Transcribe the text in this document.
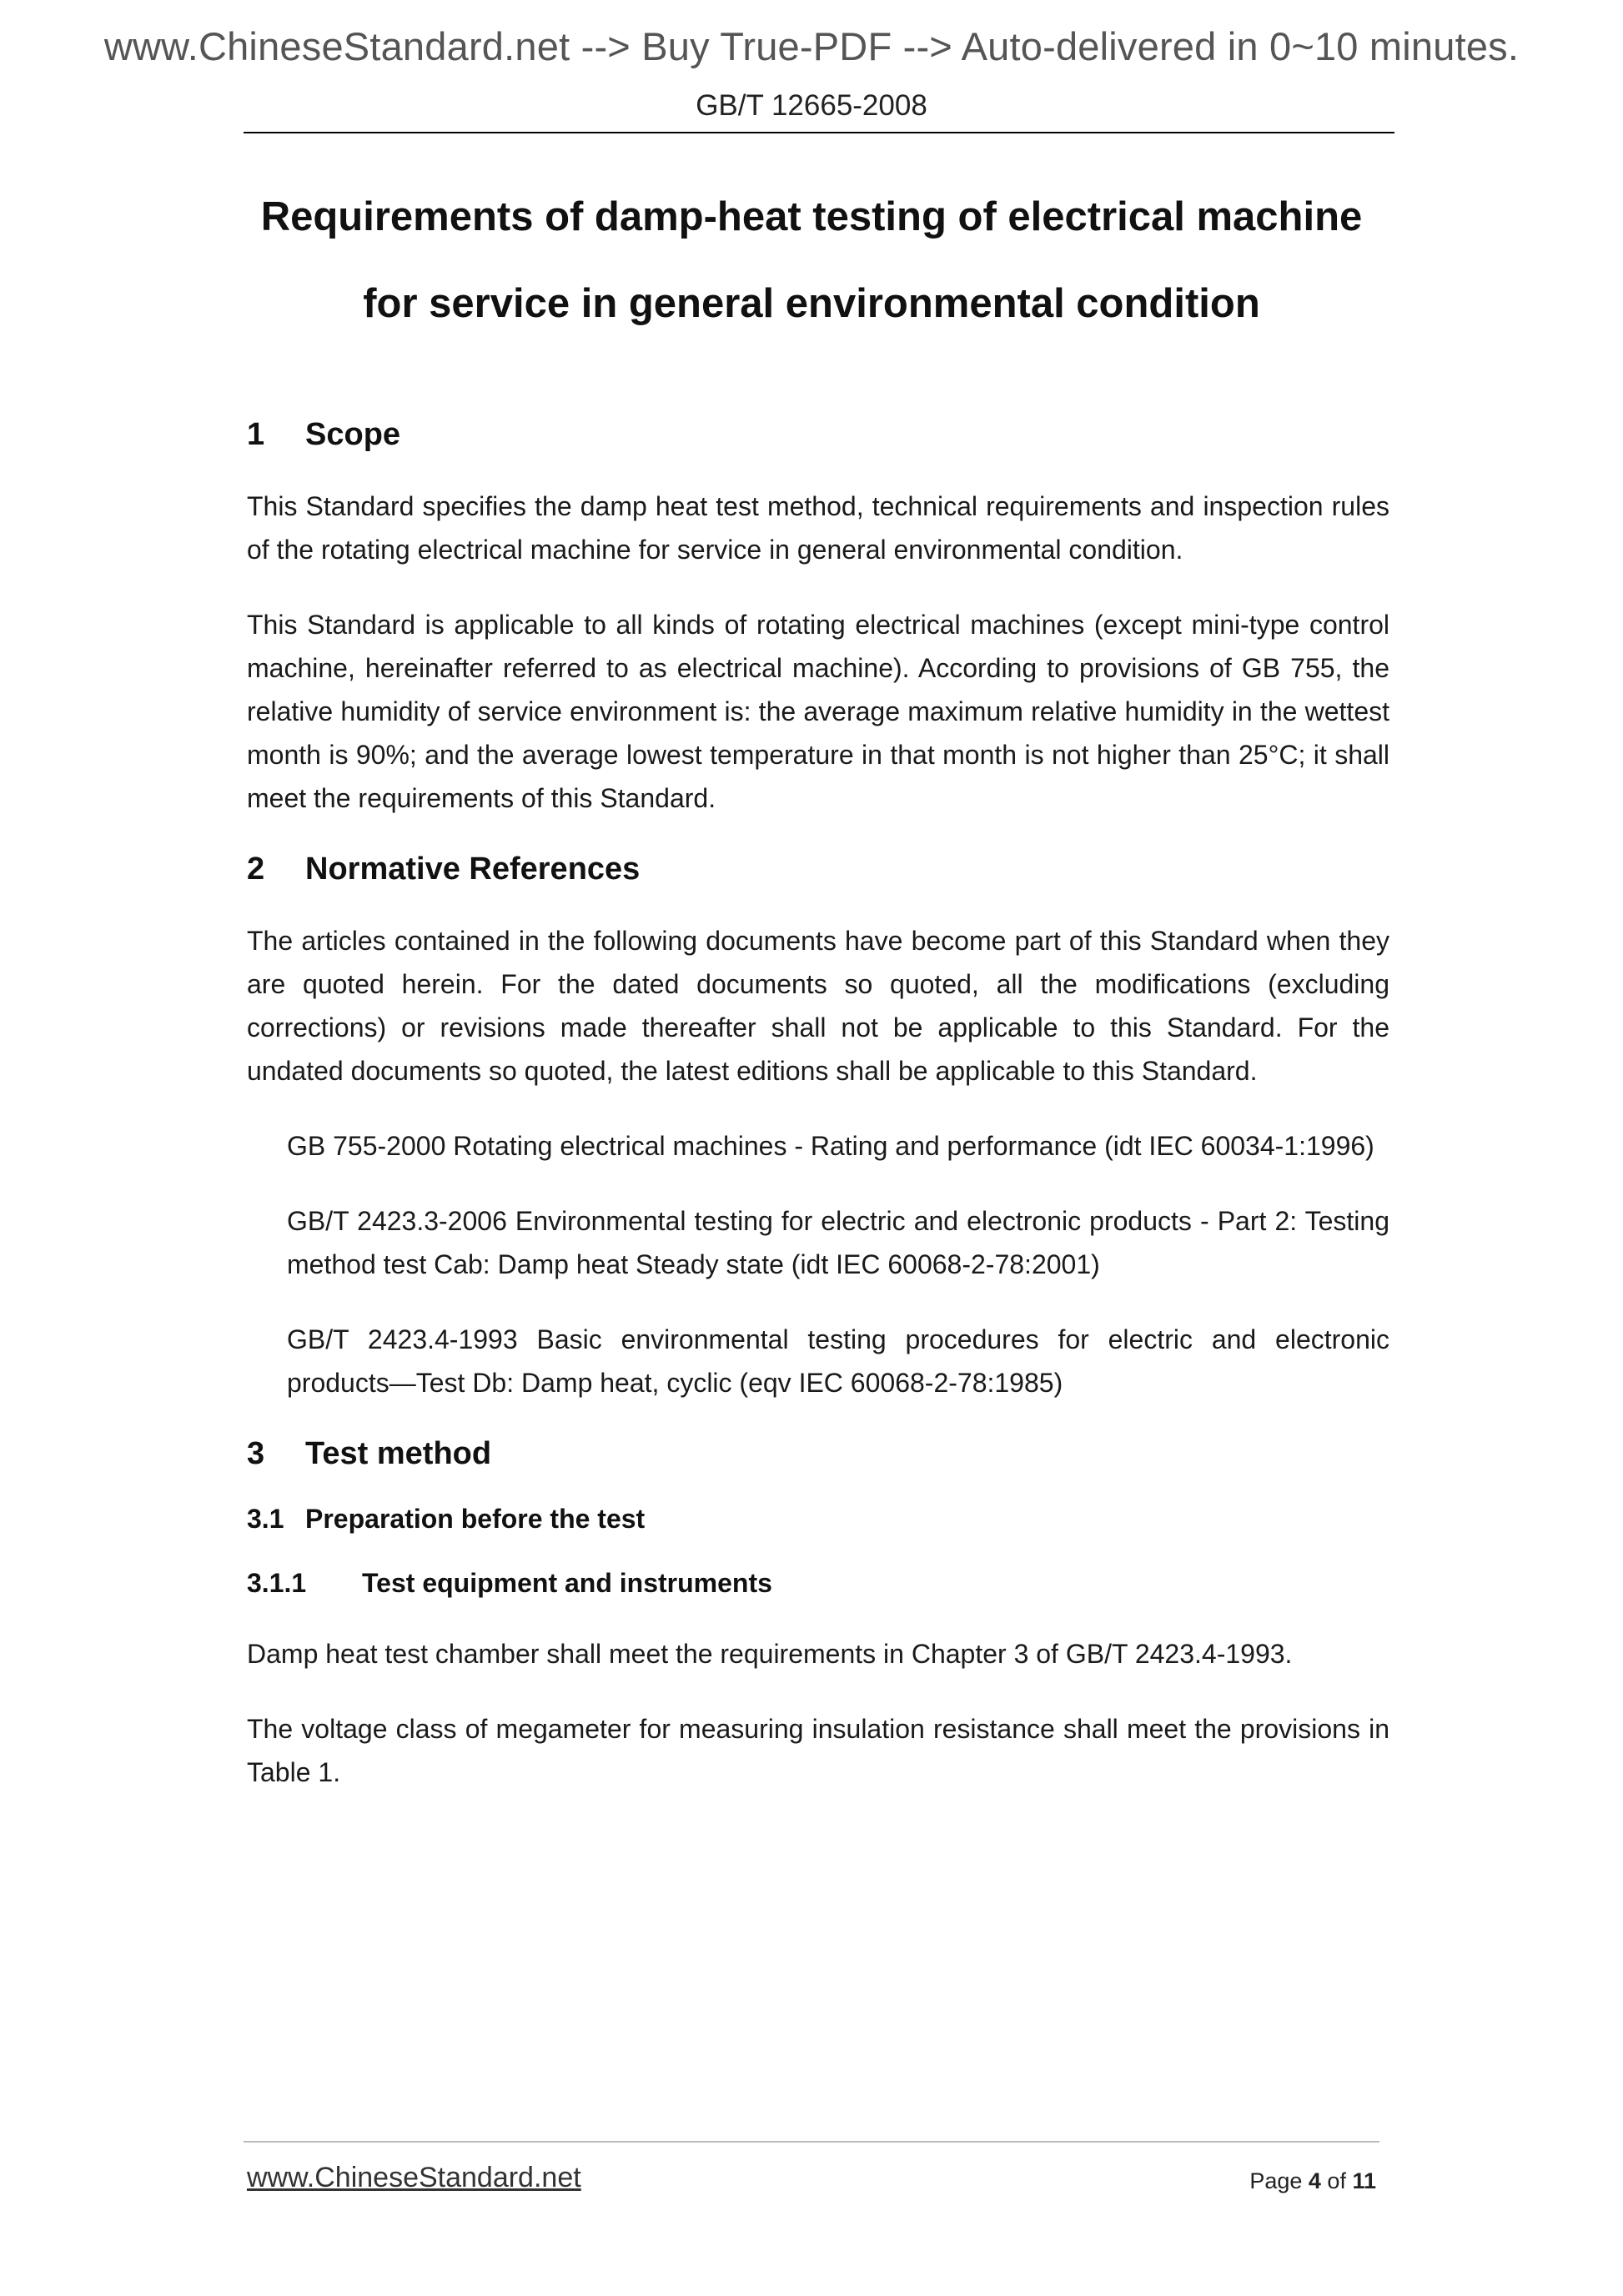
www.ChineseStandard.net --> Buy True-PDF --> Auto-delivered in 0~10 minutes.
GB/T 12665-2008
Requirements of damp-heat testing of electrical machine
for service in general environmental condition
1	Scope

This Standard specifies the damp heat test method, technical requirements and inspection rules of the rotating electrical machine for service in general environmental condition.

This Standard is applicable to all kinds of rotating electrical machines (except mini-type control machine, hereinafter referred to as electrical machine). According to provisions of GB 755, the relative humidity of service environment is: the average maximum relative humidity in the wettest month is 90%; and the average lowest temperature in that month is not higher than 25°C; it shall meet the requirements of this Standard.

2	Normative References

The articles contained in the following documents have become part of this Standard when they are quoted herein. For the dated documents so quoted, all the modifications (excluding corrections) or revisions made thereafter shall not be applicable to this Standard. For the undated documents so quoted, the latest editions shall be applicable to this Standard.

GB 755-2000 Rotating electrical machines - Rating and performance (idt IEC 60034-1:1996)

GB/T 2423.3-2006 Environmental testing for electric and electronic products - Part 2: Testing method test Cab: Damp heat Steady state (idt IEC 60068-2-78:2001)

GB/T 2423.4-1993 Basic environmental testing procedures for electric and electronic products―Test Db: Damp heat, cyclic (eqv IEC 60068-2-78:1985)

3	Test method
3.1 Preparation before the test
3.1.1	Test equipment and instruments

Damp heat test chamber shall meet the requirements in Chapter 3 of GB/T 2423.4-1993.

The voltage class of megameter for measuring insulation resistance shall meet the provisions in Table 1.

www.ChineseStandard.net	Page 4 of 11
